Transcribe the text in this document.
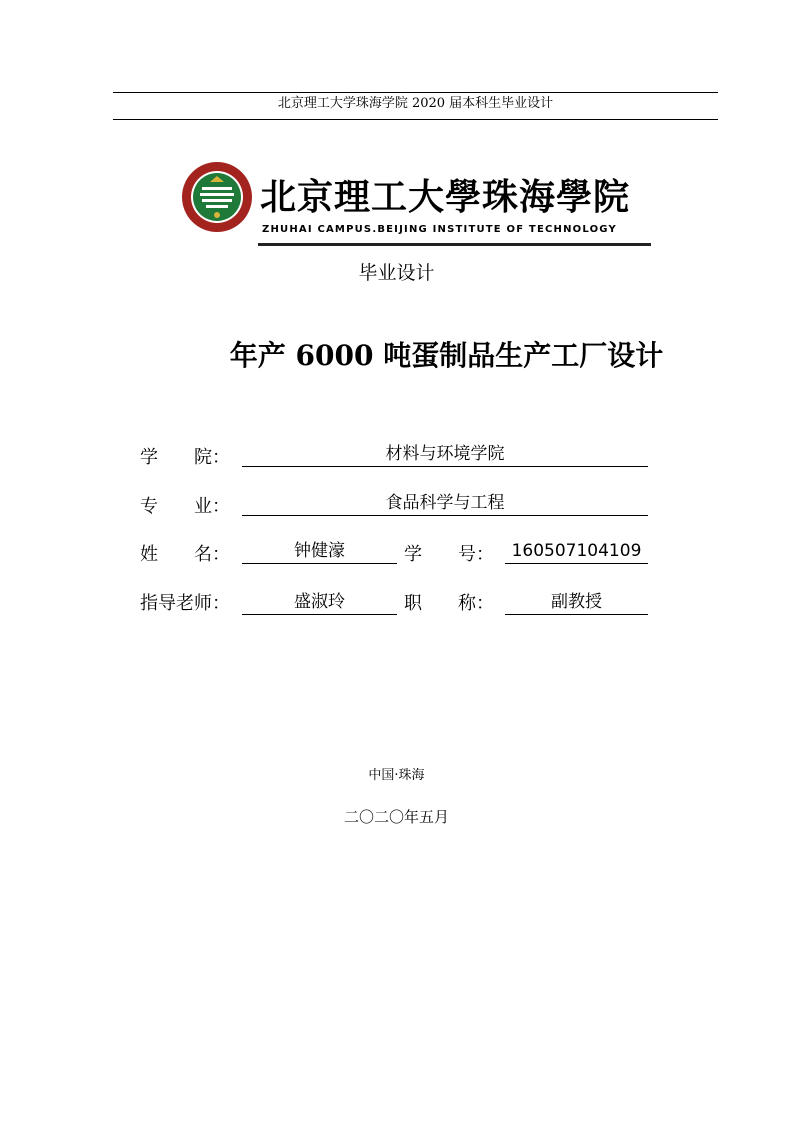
北京理工大学珠海学院 2020 届本科生毕业设计
北京理工大學珠海學院
ZHUHAI CAMPUS.BEIJING INSTITUTE OF TECHNOLOGY
毕业设计
年产 6000 吨蛋制品生产工厂设计
学　　院：	材料与环境学院
专　　业：	食品科学与工程
姓　　名：	钟健濠	学　　号：	160507104109
指导老师：	盛淑玲	职　　称：	副教授
中国·珠海
二〇二〇年五月
